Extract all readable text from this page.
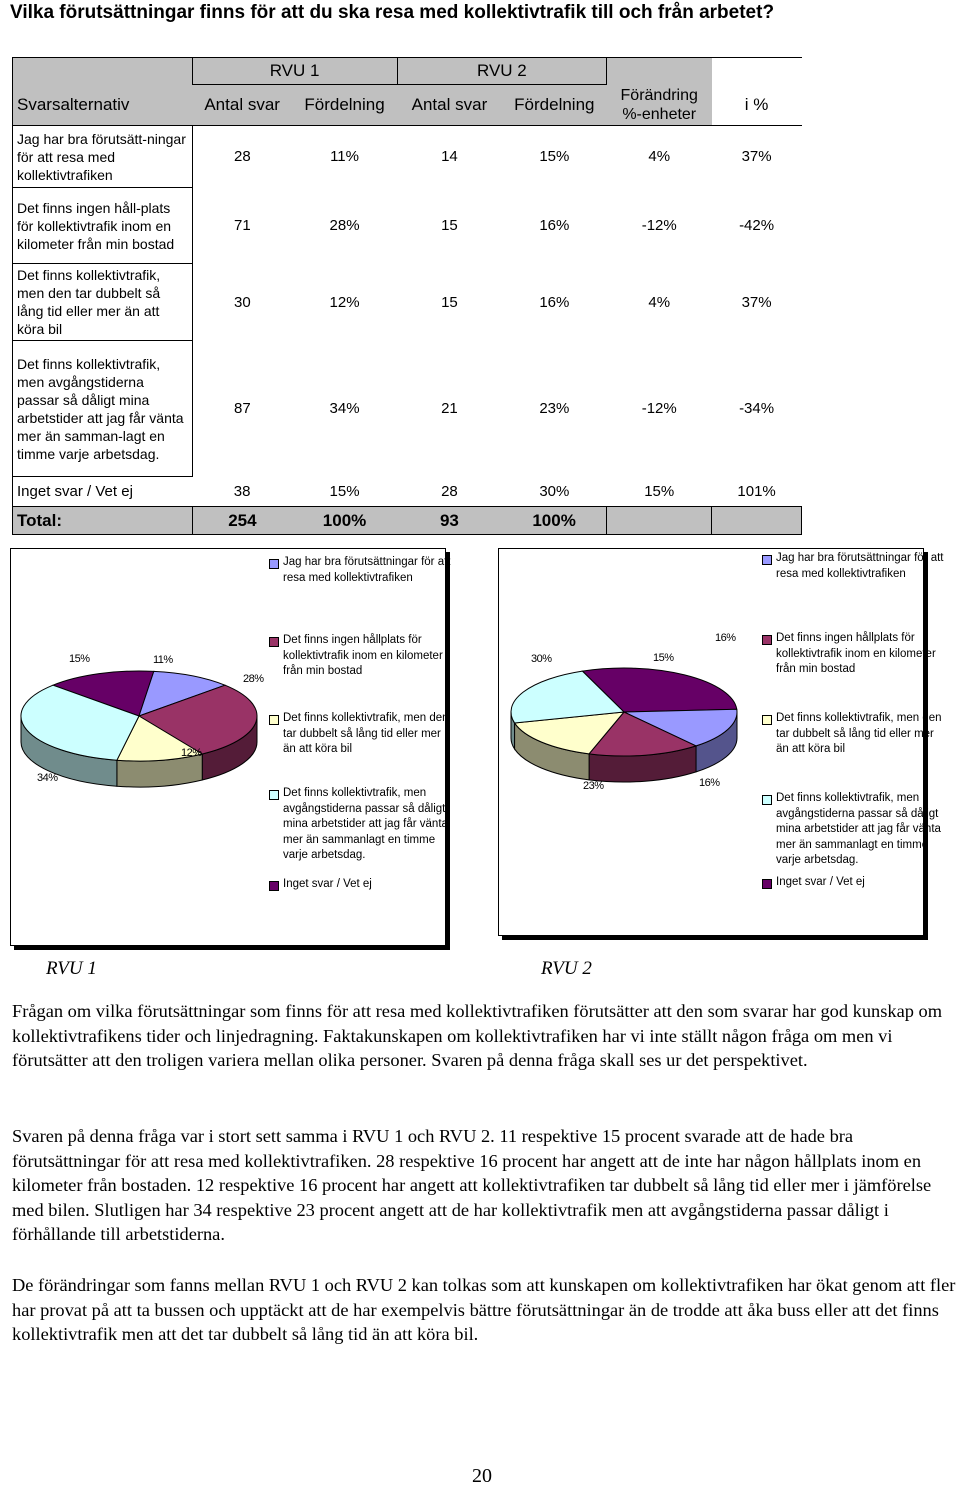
Vilka förutsättningar finns för att du ska resa med kollektivtrafik till och från arbetet?
	RVU 1		RVU 2			
Svarsalternativ	Antal svar	Fördelning	Antal svar	Fördelning	Förändring %-enheter	i %
Jag har bra förutsätt-ningar för att resa med kollektivtrafiken	28	11%	14	15%	4%	37%
Det finns ingen håll-plats för kollektivtrafik inom en kilometer från min bostad	71	28%	15	16%	-12%	-42%
Det finns kollektivtrafik, men den tar dubbelt så lång tid eller mer än att köra bil	30	12%	15	16%	4%	37%
Det finns kollektivtrafik, men avgångstiderna passar så dåligt mina arbetstider att jag får vänta mer än samman-lagt en timme varje arbetsdag.	87	34%	21	23%	-12%	-34%
Inget svar / Vet ej	38	15%	28	30%	15%	101%
Total:	254	100%	93	100%		
15%	11%
28%
12%
34%
Jag har bra förutsättningar för att resa med kollektivtrafiken
Det finns ingen hållplats för kollektivtrafik inom en kilometer från min bostad
Det finns kollektivtrafik, men den tar dubbelt så lång tid eller mer än att köra bil
Det finns kollektivtrafik, men avgångstiderna passar så dåligt mina arbetstider att jag får vänta mer än sammanlagt en timme varje arbetsdag.
Inget svar / Vet ej
30%	15%
16%
16%
23%
Jag har bra förutsättningar för att resa med kollektivtrafiken
Det finns ingen hållplats för kollektivtrafik inom en kilometer från min bostad
Det finns kollektivtrafik, men den tar dubbelt så lång tid eller mer än att köra bil
Det finns kollektivtrafik, men avgångstiderna passar så dåligt mina arbetstider att jag får vänta mer än sammanlagt en timme varje arbetsdag.
Inget svar / Vet ej

RVU 1	RVU 2

Frågan om vilka förutsättningar som finns för att resa med kollektivtrafiken förutsätter att den som svarar har god kunskap om kollektivtrafikens tider och linjedragning. Faktakunskapen om kollektivtrafiken har vi inte ställt någon fråga om men vi förutsätter att den troligen variera mellan olika personer. Svaren på denna fråga skall ses ur det perspektivet.

Svaren på denna fråga var i stort sett samma i RVU 1 och RVU 2. 11 respektive 15 procent svarade att de hade bra förutsättningar för att resa med kollektivtrafiken. 28 respektive 16 procent har angett att de inte har någon hållplats inom en kilometer från bostaden. 12 respektive 16 procent har angett att kollektivtrafiken tar dubbelt så lång tid eller mer i jämförelse med bilen. Slutligen har 34 respektive 23 procent angett att de har kollektivtrafik men att avgångstiderna passar dåligt i förhållande till arbetstiderna.

De förändringar som fanns mellan RVU 1 och RVU 2 kan tolkas som att kunskapen om kollektivtrafiken har ökat genom att fler har provat på att ta bussen och upptäckt att de har exempelvis bättre förutsättningar än de trodde att åka buss eller att det finns kollektivtrafik men att det tar dubbelt så lång tid än att köra bil.

20
